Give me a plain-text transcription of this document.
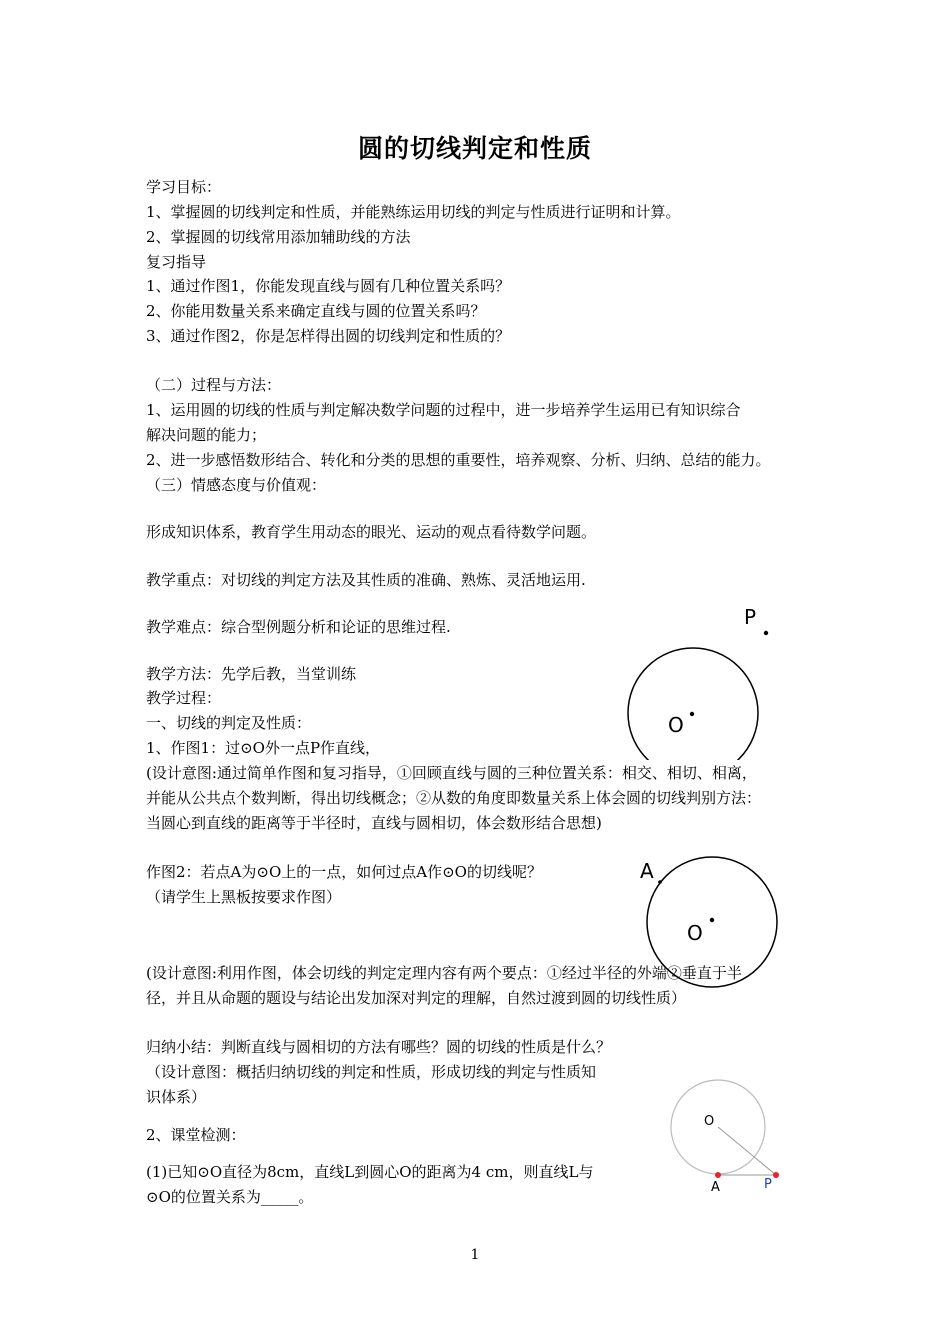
圆的切线判定和性质
学习目标：
1、掌握圆的切线判定和性质，并能熟练运用切线的判定与性质进行证明和计算。
2、掌握圆的切线常用添加辅助线的方法
复习指导
1、通过作图1，你能发现直线与圆有几种位置关系吗？
2、你能用数量关系来确定直线与圆的位置关系吗？
3、通过作图2，你是怎样得出圆的切线判定和性质的？
（二）过程与方法：
1、运用圆的切线的性质与判定解决数学问题的过程中，进一步培养学生运用已有知识综合
解决问题的能力；
2、进一步感悟数形结合、转化和分类的思想的重要性，培养观察、分析、归纳、总结的能力。
（三）情感态度与价值观：
形成知识体系，教育学生用动态的眼光、运动的观点看待数学问题。
教学重点：对切线的判定方法及其性质的准确、熟炼、灵活地运用.
教学难点：综合型例题分析和论证的思维过程.
教学方法：先学后教，当堂训练
教学过程：
一、切线的判定及性质：
1、作图1：过⊙O外一点P作直线，
(设计意图:通过简单作图和复习指导，①回顾直线与圆的三种位置关系：相交、相切、相离，
并能从公共点个数判断，得出切线概念；②从数的角度即数量关系上体会圆的切线判别方法：
当圆心到直线的距离等于半径时，直线与圆相切，体会数形结合思想)
作图2：若点A为⊙O上的一点，如何过点A作⊙O的切线呢？
（请学生上黑板按要求作图）
(设计意图:利用作图，体会切线的判定定理内容有两个要点：①经过半径的外端②垂直于半
径，并且从命题的题设与结论出发加深对判定的理解，自然过渡到圆的切线性质）
归纳小结：判断直线与圆相切的方法有哪些？圆的切线的性质是什么？
（设计意图：概括归纳切线的判定和性质，形成切线的判定与性质知
识体系）
2、课堂检测：
(1)已知⊙O直径为8cm，直线L到圆心O的距离为4 cm，则直线L与
⊙O的位置关系为_____。
P
O
A
O
O
A	P
1
